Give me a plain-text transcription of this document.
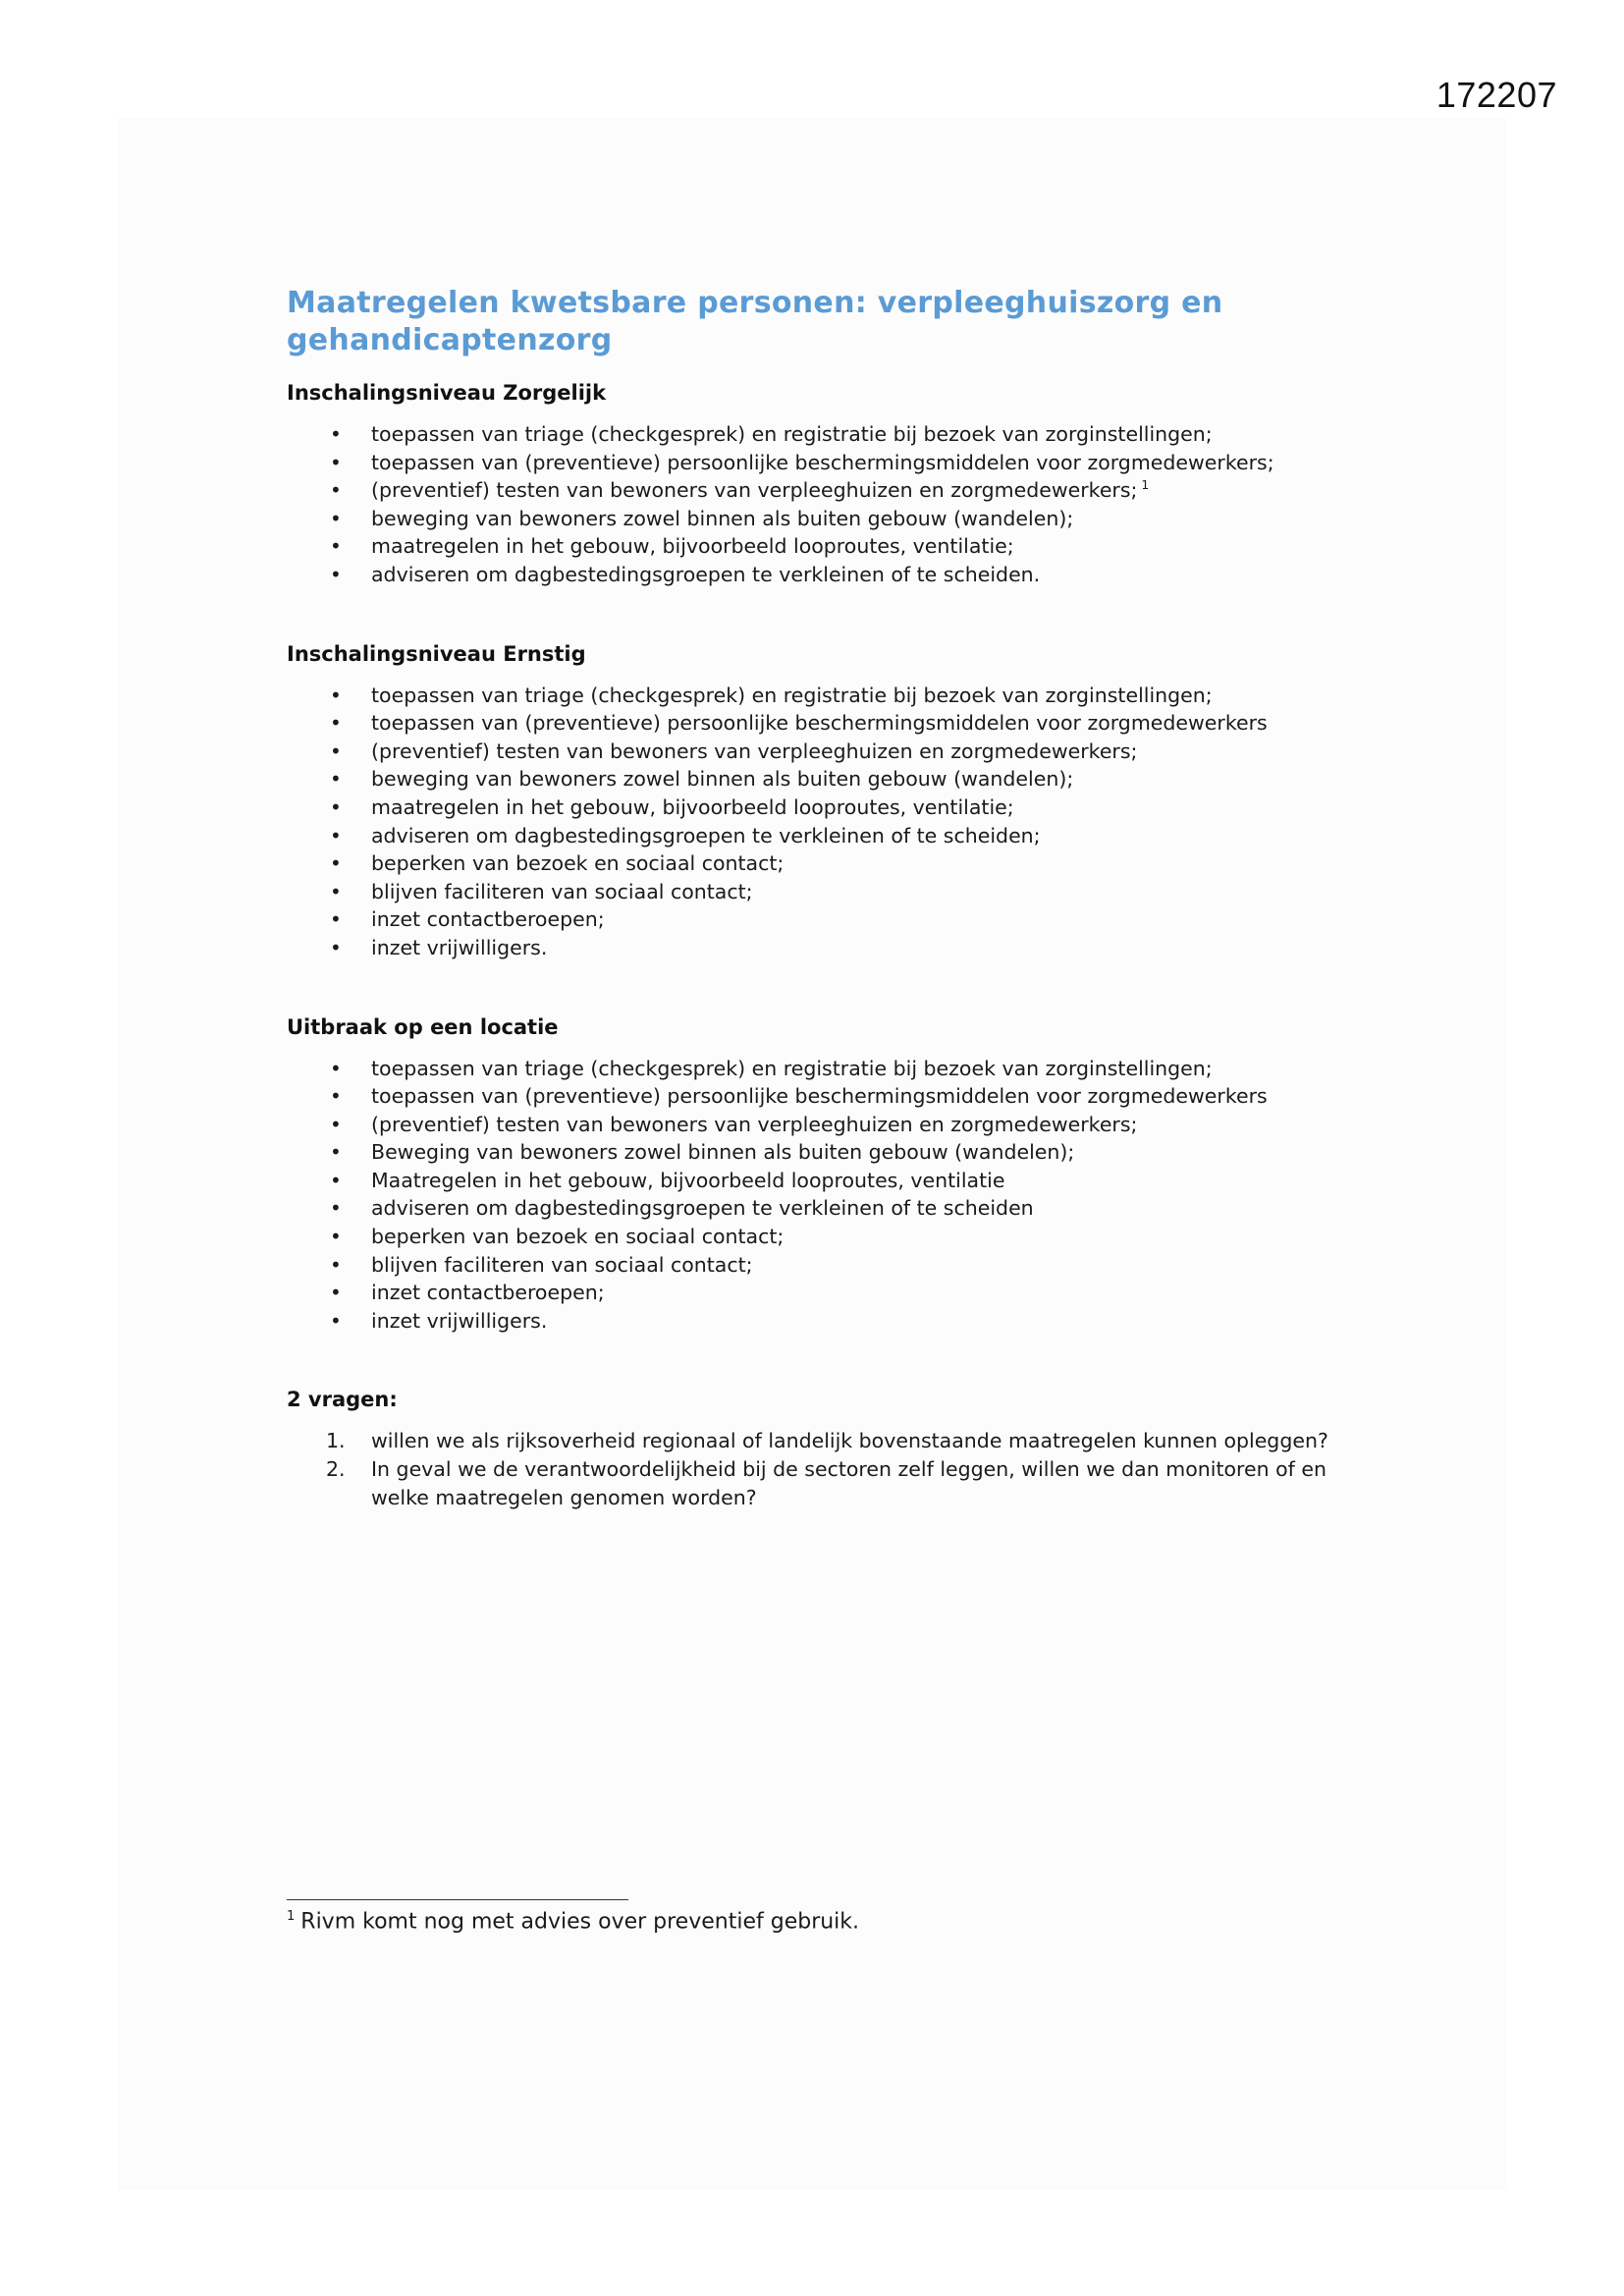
172207
Maatregelen kwetsbare personen: verpleeghuiszorg en gehandicaptenzorg
Inschalingsniveau Zorgelijk
• toepassen van triage (checkgesprek) en registratie bij bezoek van zorginstellingen;
• toepassen van (preventieve) persoonlijke beschermingsmiddelen voor zorgmedewerkers;
• (preventief) testen van bewoners van verpleeghuizen en zorgmedewerkers; $^1$
• beweging van bewoners zowel binnen als buiten gebouw (wandelen);
• maatregelen in het gebouw, bijvoorbeeld looproutes, ventilatie;
• adviseren om dagbestedingsgroepen te verkleinen of te scheiden.
Inschalingsniveau Ernstig
• toepassen van triage (checkgesprek) en registratie bij bezoek van zorginstellingen;
• toepassen van (preventieve) persoonlijke beschermingsmiddelen voor zorgmedewerkers
• (preventief) testen van bewoners van verpleeghuizen en zorgmedewerkers;
• beweging van bewoners zowel binnen als buiten gebouw (wandelen);
• maatregelen in het gebouw, bijvoorbeeld looproutes, ventilatie;
• adviseren om dagbestedingsgroepen te verkleinen of te scheiden;
• beperken van bezoek en sociaal contact;
• blijven faciliteren van sociaal contact;
• inzet contactberoepen;
• inzet vrijwilligers.
Uitbraak op een locatie
• toepassen van triage (checkgesprek) en registratie bij bezoek van zorginstellingen;
• toepassen van (preventieve) persoonlijke beschermingsmiddelen voor zorgmedewerkers
• (preventief) testen van bewoners van verpleeghuizen en zorgmedewerkers;
• Beweging van bewoners zowel binnen als buiten gebouw (wandelen);
• Maatregelen in het gebouw, bijvoorbeeld looproutes, ventilatie
• adviseren om dagbestedingsgroepen te verkleinen of te scheiden
• beperken van bezoek en sociaal contact;
• blijven faciliteren van sociaal contact;
• inzet contactberoepen;
• inzet vrijwilligers.
2 vragen:
1. willen we als rijksoverheid regionaal of landelijk bovenstaande maatregelen kunnen opleggen?
2. In geval we de verantwoordelijkheid bij de sectoren zelf leggen, willen we dan monitoren of en welke maatregelen genomen worden?
$^1$ Rivm komt nog met advies over preventief gebruik.
